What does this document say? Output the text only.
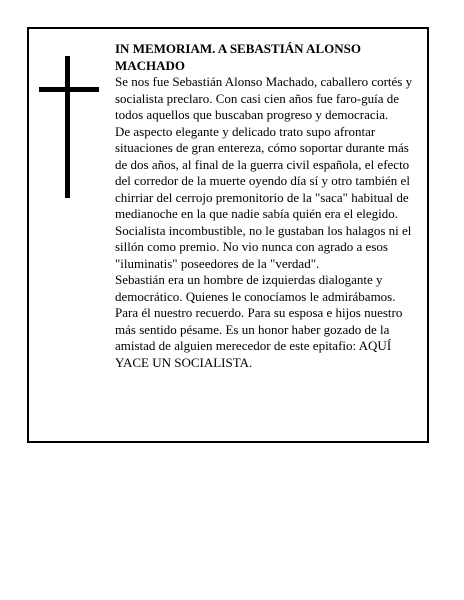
IN MEMORIAM. A SEBASTIÁN ALONSO MACHADO

Se nos fue Sebastián Alonso Machado, caballero cortés y socialista preclaro. Con casi cien años fue faro-guía de todos aquellos que buscaban progreso y democracia.

De aspecto elegante y delicado trato supo afrontar situaciones de gran entereza, cómo soportar durante más de dos años, al final de la guerra civil española, el efecto del corredor de la muerte oyendo día sí y otro también el chirriar del cerrojo premonitorio de la "saca" habitual de medianoche en la que nadie sabía quién era el elegido.

Socialista incombustible, no le gustaban los halagos ni el sillón como premio. No vio nunca con agrado a esos "iluminatis" poseedores de la "verdad".

Sebastián era un hombre de izquierdas dialogante y democrático. Quienes le conocíamos le admirábamos. Para él nuestro recuerdo. Para su esposa e hijos nuestro más sentido pésame. Es un honor haber gozado de la amistad de alguien merecedor de este epitafio: AQUÍ YACE UN SOCIALISTA.
